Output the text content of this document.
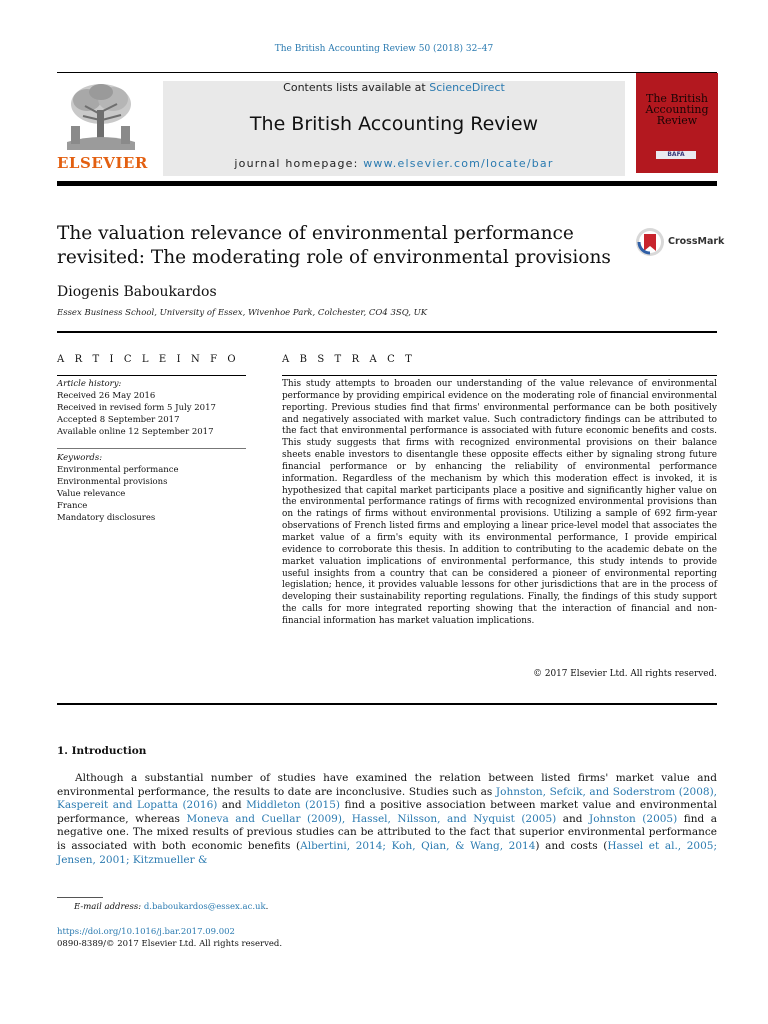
The British Accounting Review 50 (2018) 32–47
ELSEVIER
Contents lists available at ScienceDirect
The British Accounting Review
journal homepage: www.elsevier.com/locate/bar
The British Accounting Review
BAFA
The valuation relevance of environmental performance revisited: The moderating role of environmental provisions
CrossMark
Diogenis Baboukardos
Essex Business School, University of Essex, Wivenhoe Park, Colchester, CO4 3SQ, UK
A R T I C L E I N F O	A B S T R A C T
Article history:
Received 26 May 2016
Received in revised form 5 July 2017
Accepted 8 September 2017
Available online 12 September 2017
Keywords:
Environmental performance
Environmental provisions
Value relevance
France
Mandatory disclosures

This study attempts to broaden our understanding of the value relevance of environmental performance by providing empirical evidence on the moderating role of financial environmental reporting. Previous studies find that firms' environmental performance can be both positively and negatively associated with market value. Such contradictory findings can be attributed to the fact that environmental performance is associated with future economic benefits and costs. This study suggests that firms with recognized environmental provisions on their balance sheets enable investors to disentangle these opposite effects either by signaling strong future financial performance or by enhancing the reliability of environmental performance information. Regardless of the mechanism by which this moderation effect is invoked, it is hypothesized that capital market participants place a positive and significantly higher value on the environmental performance ratings of firms with recognized environmental provisions than on the ratings of firms without environmental provisions. Utilizing a sample of 692 firm-year observations of French listed firms and employing a linear price-level model that associates the market value of a firm's equity with its environmental performance, I provide empirical evidence to corroborate this thesis. In addition to contributing to the academic debate on the market valuation implications of environmental performance, this study intends to provide useful insights from a country that can be considered a pioneer of environmental reporting legislation; hence, it provides valuable lessons for other jurisdictions that are in the process of developing their sustainability reporting regulations. Finally, the findings of this study support the calls for more integrated reporting showing that the interaction of financial and non-financial information has market valuation implications.

© 2017 Elsevier Ltd. All rights reserved.
1. Introduction

Although a substantial number of studies have examined the relation between listed firms' market value and environmental performance, the results to date are inconclusive. Studies such as Johnston, Sefcik, and Soderstrom (2008), Kaspereit and Lopatta (2016) and Middleton (2015) find a positive association between market value and environmental performance, whereas Moneva and Cuellar (2009), Hassel, Nilsson, and Nyquist (2005) and Johnston (2005) find a negative one. The mixed results of previous studies can be attributed to the fact that superior environmental performance is associated with both economic benefits (Albertini, 2014; Koh, Qian, & Wang, 2014) and costs (Hassel et al., 2005; Jensen, 2001; Kitzmueller &

E-mail address: d.baboukardos@essex.ac.uk.
https://doi.org/10.1016/j.bar.2017.09.002
0890-8389/© 2017 Elsevier Ltd. All rights reserved.
